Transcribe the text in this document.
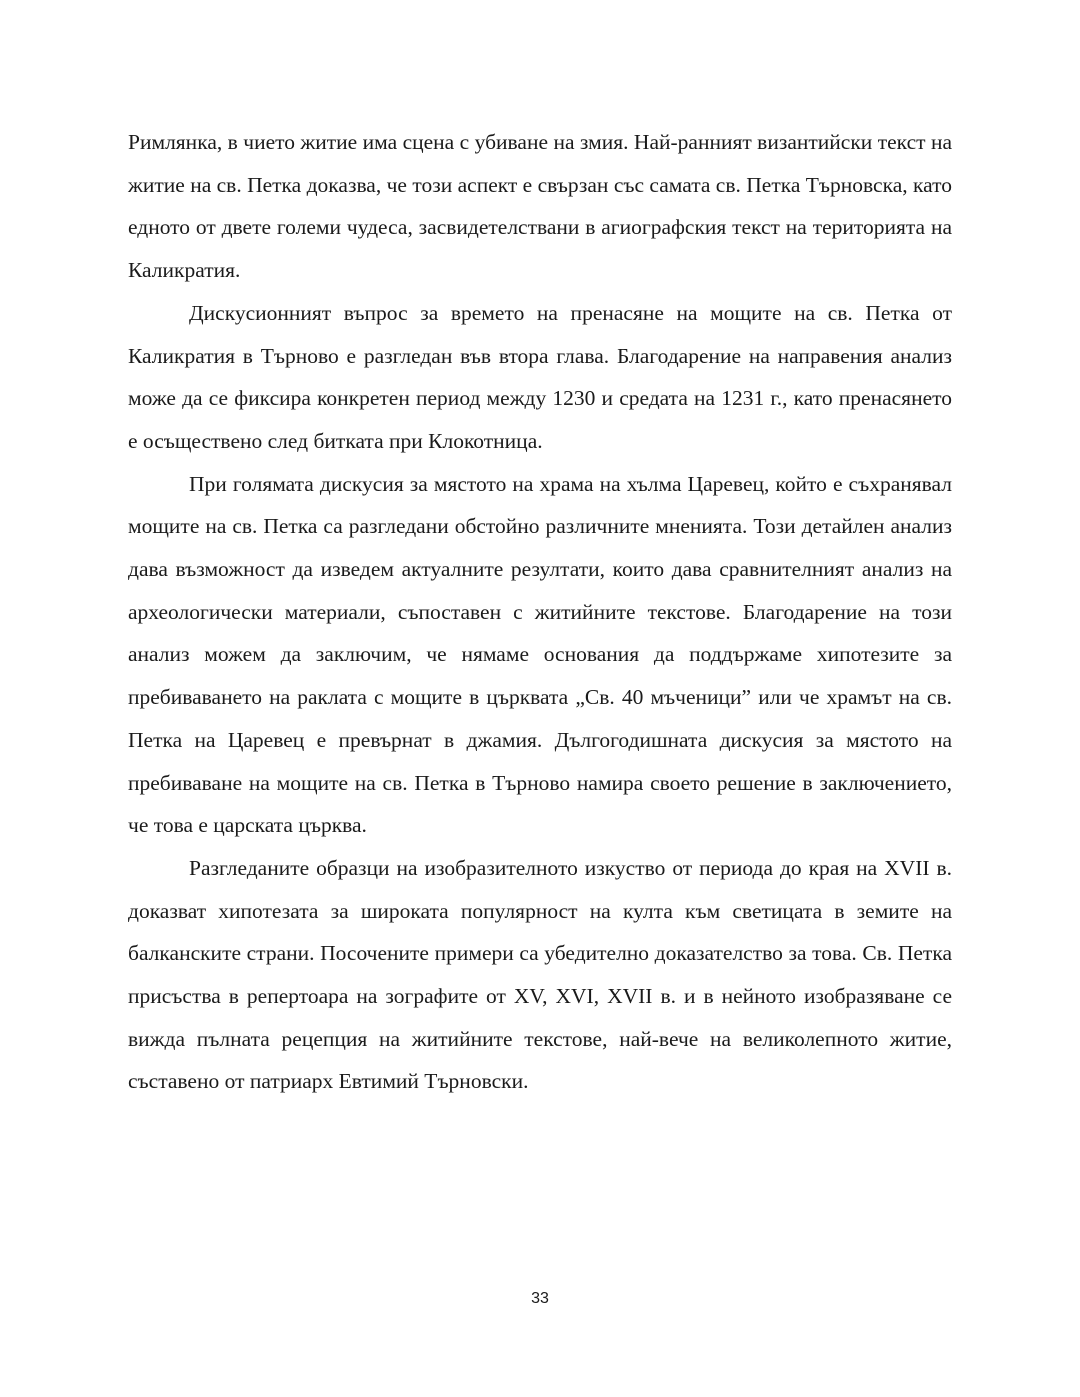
Римлянка, в чието житие има сцена с убиване на змия. Най-ранният византийски текст на житие на св. Петка доказва, че този аспект е свързан със самата св. Петка Търновска, като едното от двете големи чудеса, засвидетелствани в агиографския текст на територията на Каликратия.

Дискусионният въпрос за времето на пренасяне на мощите на св. Петка от Каликратия в Търново е разгледан във втора глава. Благодарение на направения анализ може да се фиксира конкретен период между 1230 и средата на 1231 г., като пренасянето е осъществено след битката при Клокотница.

При голямата дискусия за мястото на храма на хълма Царевец, който е съхранявал мощите на св. Петка са разгледани обстойно различните мненията. Този детайлен анализ дава възможност да изведем актуалните резултати, които дава сравнителният анализ на археологически материали, съпоставен с житийните текстове. Благодарение на този анализ можем да заключим, че нямаме основания да поддържаме хипотезите за пребиваването на раклата с мощите в църквата „Св. 40 мъченици” или че храмът на св. Петка на Царевец е превърнат в джамия. Дългогодишната дискусия за мястото на пребиваване на мощите на св. Петка в Търново намира своето решение в заключението, че това е царската църква.

Разгледаните образци на изобразителното изкуство от периода до края на XVII в. доказват хипотезата за широката популярност на култа към светицата в земите на балканските страни. Посочените примери са убедително доказателство за това. Св. Петка присъства в репертоара на зографите от XV, XVI, XVII в. и в нейното изобразяване се вижда пълната рецепция на житийните текстове, най-вече на великолепното житие, съставено от патриарх Евтимий Търновски.

33
